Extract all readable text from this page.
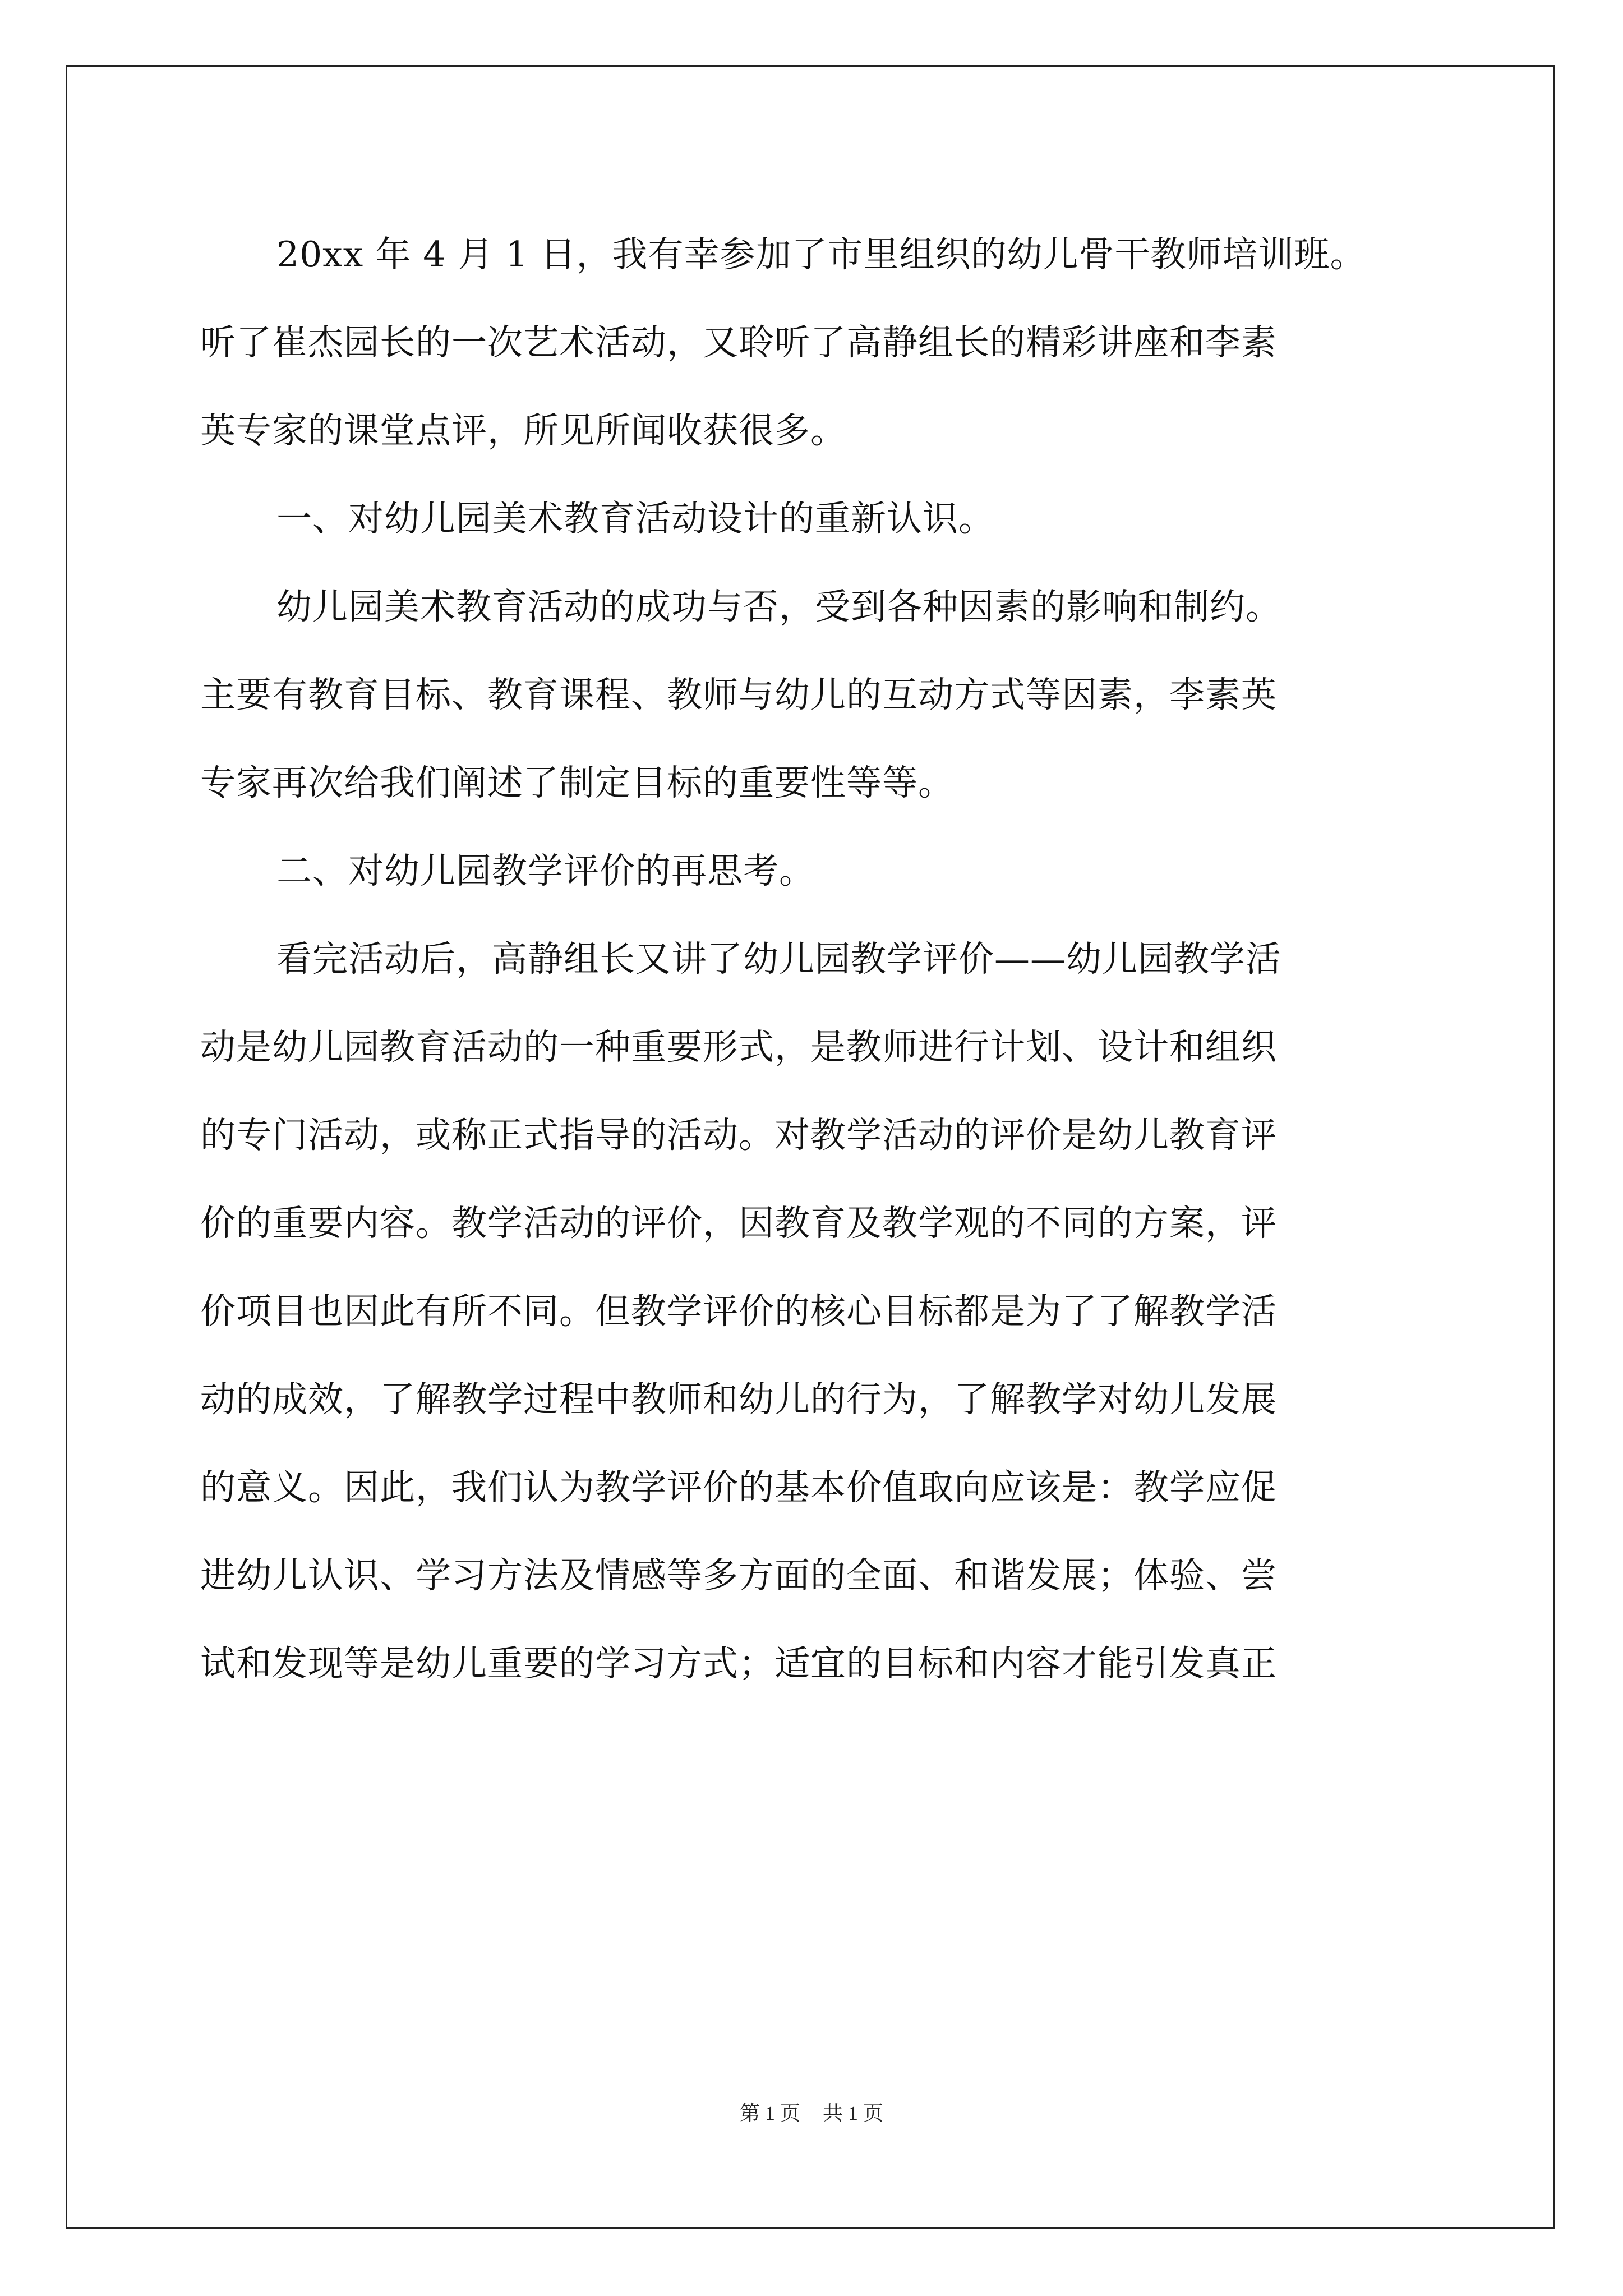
20xx 年 4 月 1 日，我有幸参加了市里组织的幼儿骨干教师培训班。
听了崔杰园长的一次艺术活动，又聆听了高静组长的精彩讲座和李素
英专家的课堂点评，所见所闻收获很多。
一、对幼儿园美术教育活动设计的重新认识。
幼儿园美术教育活动的成功与否，受到各种因素的影响和制约。
主要有教育目标、教育课程、教师与幼儿的互动方式等因素，李素英
专家再次给我们阐述了制定目标的重要性等等。
二、对幼儿园教学评价的再思考。
看完活动后，高静组长又讲了幼儿园教学评价——幼儿园教学活
动是幼儿园教育活动的一种重要形式，是教师进行计划、设计和组织
的专门活动，或称正式指导的活动。对教学活动的评价是幼儿教育评
价的重要内容。教学活动的评价，因教育及教学观的不同的方案，评
价项目也因此有所不同。但教学评价的核心目标都是为了了解教学活
动的成效，了解教学过程中教师和幼儿的行为，了解教学对幼儿发展
的意义。因此，我们认为教学评价的基本价值取向应该是：教学应促
进幼儿认识、学习方法及情感等多方面的全面、和谐发展；体验、尝
试和发现等是幼儿重要的学习方式；适宜的目标和内容才能引发真正
第 1 页 共 1 页
